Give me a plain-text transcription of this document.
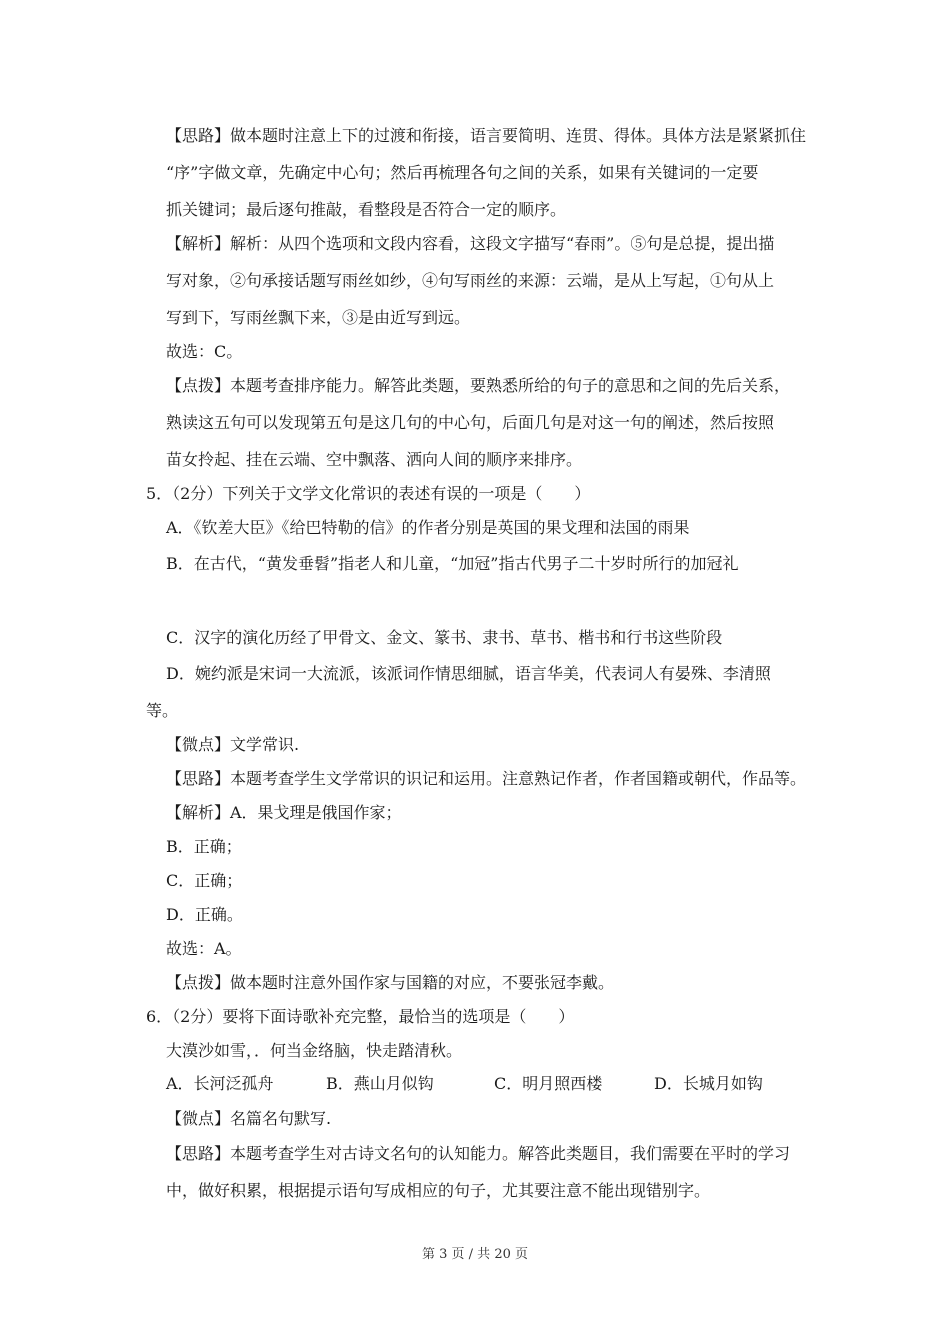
【思路】做本题时注意上下的过渡和衔接，语言要简明、连贯、得体。具体方法是紧紧抓住
“序”字做文章，先确定中心句；然后再梳理各句之间的关系，如果有关键词的一定要
抓关键词；最后逐句推敲，看整段是否符合一定的顺序。
【解析】解析：从四个选项和文段内容看，这段文字描写“春雨”。⑤句是总提，提出描
写对象，②句承接话题写雨丝如纱，④句写雨丝的来源：云端，是从上写起，①句从上
写到下，写雨丝飘下来，③是由近写到远。
故选：C。
【点拨】本题考查排序能力。解答此类题，要熟悉所给的句子的意思和之间的先后关系，
熟读这五句可以发现第五句是这几句的中心句，后面几句是对这一句的阐述，然后按照
苗女拎起、挂在云端、空中飘落、洒向人间的顺序来排序。
5．（2分）下列关于文学文化常识的表述有误的一项是（　　）
A．《钦差大臣》《给巴特勒的信》的作者分别是英国的果戈理和法国的雨果
B．在古代，“黄发垂髫”指老人和儿童，“加冠”指古代男子二十岁时所行的加冠礼
C．汉字的演化历经了甲骨文、金文、篆书、隶书、草书、楷书和行书这些阶段
D．婉约派是宋词一大流派，该派词作情思细腻，语言华美，代表词人有晏殊、李清照
等。
【微点】文学常识.
【思路】本题考查学生文学常识的识记和运用。注意熟记作者，作者国籍或朝代，作品等。
【解析】A．果戈理是俄国作家；
B．正确；
C．正确；
D．正确。
故选：A。
【点拨】做本题时注意外国作家与国籍的对应，不要张冠李戴。
6．（2分）要将下面诗歌补充完整，最恰当的选项是（　　）
大漠沙如雪，．何当金络脑，快走踏清秋。
A．长河泛孤舟	B．燕山月似钩	C．明月照西楼	D．长城月如钩
【微点】名篇名句默写.
【思路】本题考查学生对古诗文名句的认知能力。解答此类题目，我们需要在平时的学习
中，做好积累，根据提示语句写成相应的句子，尤其要注意不能出现错别字。
第 3 页 / 共 20 页
